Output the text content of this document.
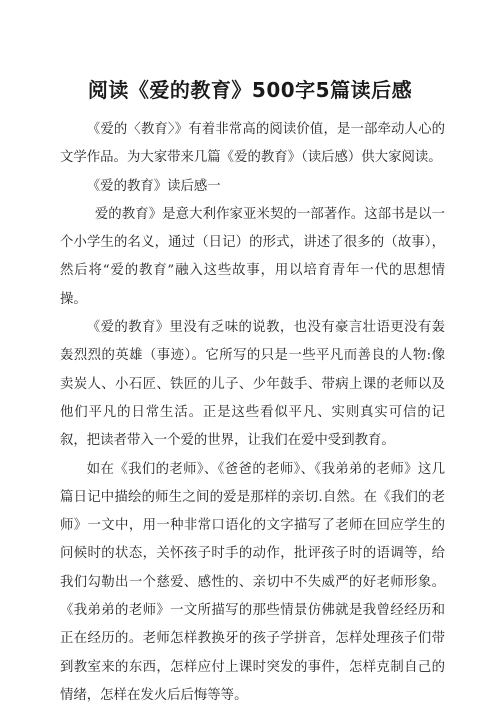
阅读《爱的教育》500字5篇读后感

《爱的〈教育〉》有着非常高的阅读价值，是一部牵动人心的文学作品。为大家带来几篇《爱的教育》（读后感）供大家阅读。

《爱的教育》读后感一

爱的教育》是意大利作家亚米契的一部著作。这部书是以一个小学生的名义，通过（日记）的形式，讲述了很多的（故事），然后将“爱的教育”融入这些故事，用以培育青年一代的思想情操。

《爱的教育》里没有乏味的说教，也没有豪言壮语更没有轰轰烈烈的英雄（事迹）。它所写的只是一些平凡而善良的人物:像卖炭人、小石匠、铁匠的儿子、少年鼓手、带病上课的老师以及他们平凡的日常生活。正是这些看似平凡、实则真实可信的记叙，把读者带入一个爱的世界，让我们在爱中受到教育。

如在《我们的老师》、《爸爸的老师》、《我弟弟的老师》这几篇日记中描绘的师生之间的爱是那样的亲切.自然。在《我们的老师》一文中，用一种非常口语化的文字描写了老师在回应学生的问候时的状态，关怀孩子时手的动作，批评孩子时的语调等，给我们勾勒出一个慈爱、感性的、亲切中不失威严的好老师形象。《我弟弟的老师》一文所描写的那些情景仿佛就是我曾经经历和正在经历的。老师怎样教换牙的孩子学拼音，怎样处理孩子们带到教室来的东西，怎样应付上课时突发的事件，怎样克制自己的情绪，怎样在发火后后悔等等。
